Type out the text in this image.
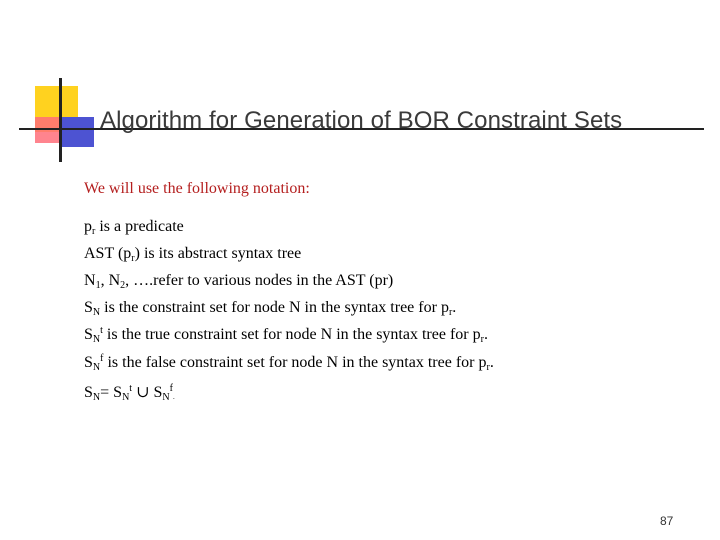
Algorithm for Generation of BOR Constraint Sets
We will use the following notation:
$p_r$ is a predicate
AST $(p_r)$ is its abstract syntax tree
$N_1$, $N_2$, ….refer to various nodes in the AST (pr)
$S_N$ is the constraint set for node N in the syntax tree for $p_r$.
$S_N^t$ is the true constraint set for node N in the syntax tree for $p_r$.
$S_N^f$ is the false constraint set for node N in the syntax tree for $p_r$.
$S_N= S_N^t$ ∪ $S_N^f_.$
87
